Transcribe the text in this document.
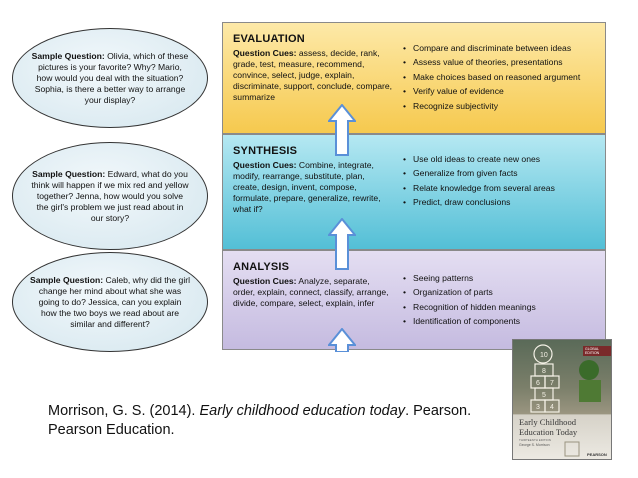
EVALUATION
Question Cues: assess, decide, rank, grade, test, measure, recommend, convince, select, judge, explain, discriminate, support, conclude, compare, summarize
• Compare and discriminate between ideas
• Assess value of theories, presentations
• Make choices based on reasoned argument
• Verify value of evidence
• Recognize subjectivity
SYNTHESIS
Question Cues: Combine, integrate, modify, rearrange, substitute, plan, create, design, invent, compose, formulate, prepare, generalize, rewrite, what if?
• Use old ideas to create new ones
• Generalize from given facts
• Relate knowledge from several areas
• Predict, draw conclusions
ANALYSIS
Question Cues: Analyze, separate, order, explain, connect, classify, arrange, divide, compare, select, explain, infer
• Seeing patterns
• Organization of parts
• Recognition of hidden meanings
• Identification of components
Sample Question: Olivia, which of these pictures is your favorite? Why? Mario, how would you deal with the situation? Sophia, is there a better way to arrange your display?
Sample Question: Edward, what do you think will happen if we mix red and yellow together? Jenna, how would you solve the girl's problem we just read about in our story?
Sample Question: Caleb, why did the girl change her mind about what she was going to do? Jessica, can you explain how the two boys we read about are similar and different?
Morrison, G. S. (2014). Early childhood education today. Pearson.
Pearson Education.
10
8
6 7
5
3 4
GLOBAL EDITION
Early Childhood
Education Today
THIRTEENTH EDITION
George S. Morrison
PEARSON
